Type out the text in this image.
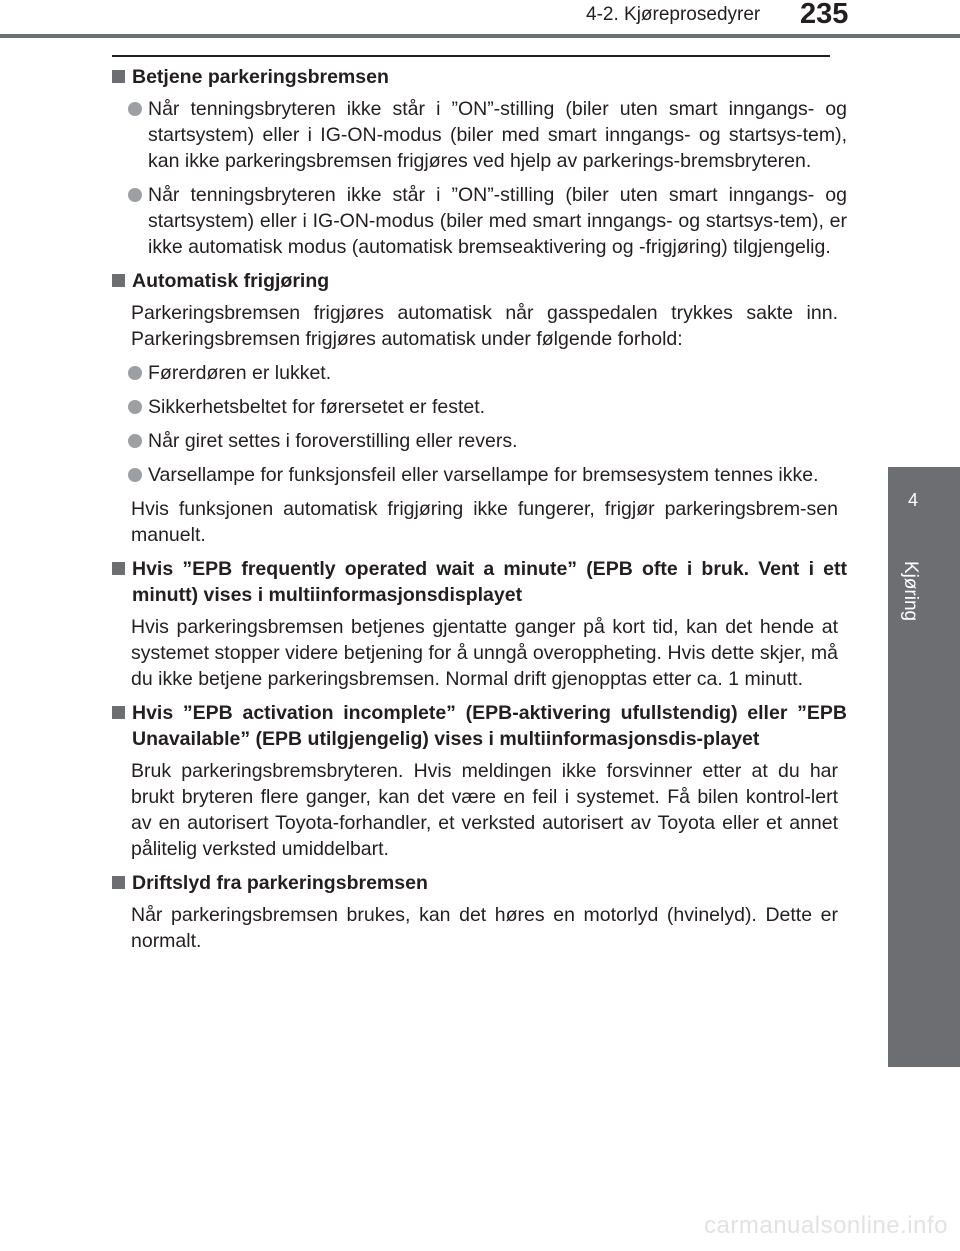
4-2. Kjøreprosedyrer	235
4
Kjøring
Betjene parkeringsbremsen
Når tenningsbryteren ikke står i ”ON”-stilling (biler uten smart inngangs- og startsystem) eller i IG-ON-modus (biler med smart inngangs- og startsys-tem), kan ikke parkeringsbremsen frigjøres ved hjelp av parkerings-bremsbryteren.
Når tenningsbryteren ikke står i ”ON”-stilling (biler uten smart inngangs- og startsystem) eller i IG-ON-modus (biler med smart inngangs- og startsys-tem), er ikke automatisk modus (automatisk bremseaktivering og -frigjøring) tilgjengelig.
Automatisk frigjøring
Parkeringsbremsen frigjøres automatisk når gasspedalen trykkes sakte inn. Parkeringsbremsen frigjøres automatisk under følgende forhold:
Førerdøren er lukket.
Sikkerhetsbeltet for førersetet er festet.
Når giret settes i foroverstilling eller revers.
Varsellampe for funksjonsfeil eller varsellampe for bremsesystem tennes ikke.
Hvis funksjonen automatisk frigjøring ikke fungerer, frigjør parkeringsbrem-sen manuelt.
Hvis ”EPB frequently operated wait a minute” (EPB ofte i bruk. Vent i ett minutt) vises i multiinformasjonsdisplayet
Hvis parkeringsbremsen betjenes gjentatte ganger på kort tid, kan det hende at systemet stopper videre betjening for å unngå overoppheting. Hvis dette skjer, må du ikke betjene parkeringsbremsen. Normal drift gjenopptas etter ca. 1 minutt.
Hvis ”EPB activation incomplete” (EPB-aktivering ufullstendig) eller ”EPB Unavailable” (EPB utilgjengelig) vises i multiinformasjonsdis-playet
Bruk parkeringsbremsbryteren. Hvis meldingen ikke forsvinner etter at du har brukt bryteren flere ganger, kan det være en feil i systemet. Få bilen kontrol-lert av en autorisert Toyota-forhandler, et verksted autorisert av Toyota eller et annet pålitelig verksted umiddelbart.
Driftslyd fra parkeringsbremsen
Når parkeringsbremsen brukes, kan det høres en motorlyd (hvinelyd). Dette er normalt.
carmanualsonline.info
